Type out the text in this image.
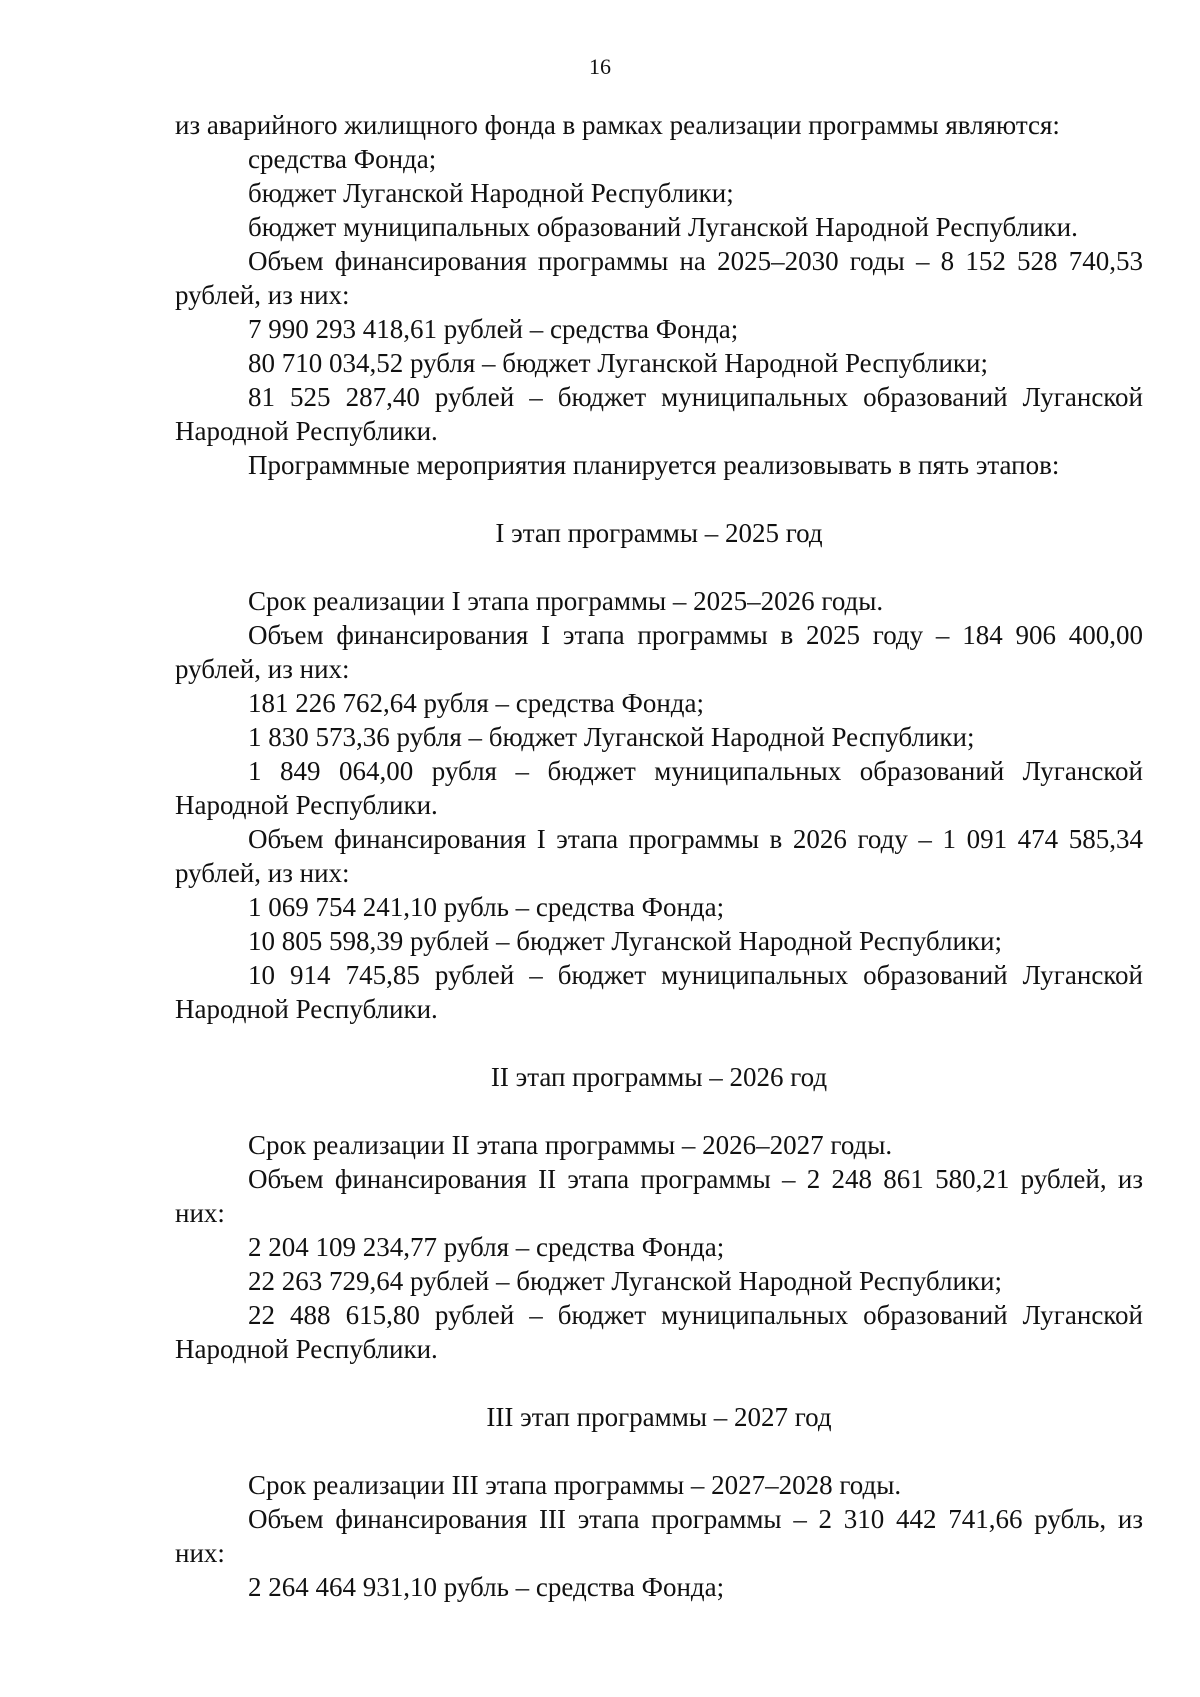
16

из аварийного жилищного фонда в рамках реализации программы являются:

средства Фонда;

бюджет Луганской Народной Республики;

бюджет муниципальных образований Луганской Народной Республики.

Объем финансирования программы на 2025–2030 годы – 8 152 528 740,53 рублей, из них:

7 990 293 418,61 рублей – средства Фонда;

80 710 034,52 рубля – бюджет Луганской Народной Республики;

81 525 287,40 рублей – бюджет муниципальных образований Луганской Народной Республики.

Программные мероприятия планируется реализовывать в пять этапов:

I этап программы – 2025 год

Срок реализации I этапа программы – 2025–2026 годы.

Объем финансирования I этапа программы в 2025 году – 184 906 400,00 рублей, из них:

181 226 762,64 рубля – средства Фонда;

1 830 573,36 рубля – бюджет Луганской Народной Республики;

1 849 064,00 рубля – бюджет муниципальных образований Луганской Народной Республики.

Объем финансирования I этапа программы в 2026 году – 1 091 474 585,34 рублей, из них:

1 069 754 241,10 рубль – средства Фонда;

10 805 598,39 рублей – бюджет Луганской Народной Республики;

10 914 745,85 рублей – бюджет муниципальных образований Луганской Народной Республики.

II этап программы – 2026 год

Срок реализации II этапа программы – 2026–2027 годы.

Объем финансирования II этапа программы – 2 248 861 580,21 рублей, из них:

2 204 109 234,77 рубля – средства Фонда;

22 263 729,64 рублей – бюджет Луганской Народной Республики;

22 488 615,80 рублей – бюджет муниципальных образований Луганской Народной Республики.

III этап программы – 2027 год

Срок реализации III этапа программы – 2027–2028 годы.

Объем финансирования III этапа программы – 2 310 442 741,66 рубль, из них:

2 264 464 931,10 рубль – средства Фонда;
